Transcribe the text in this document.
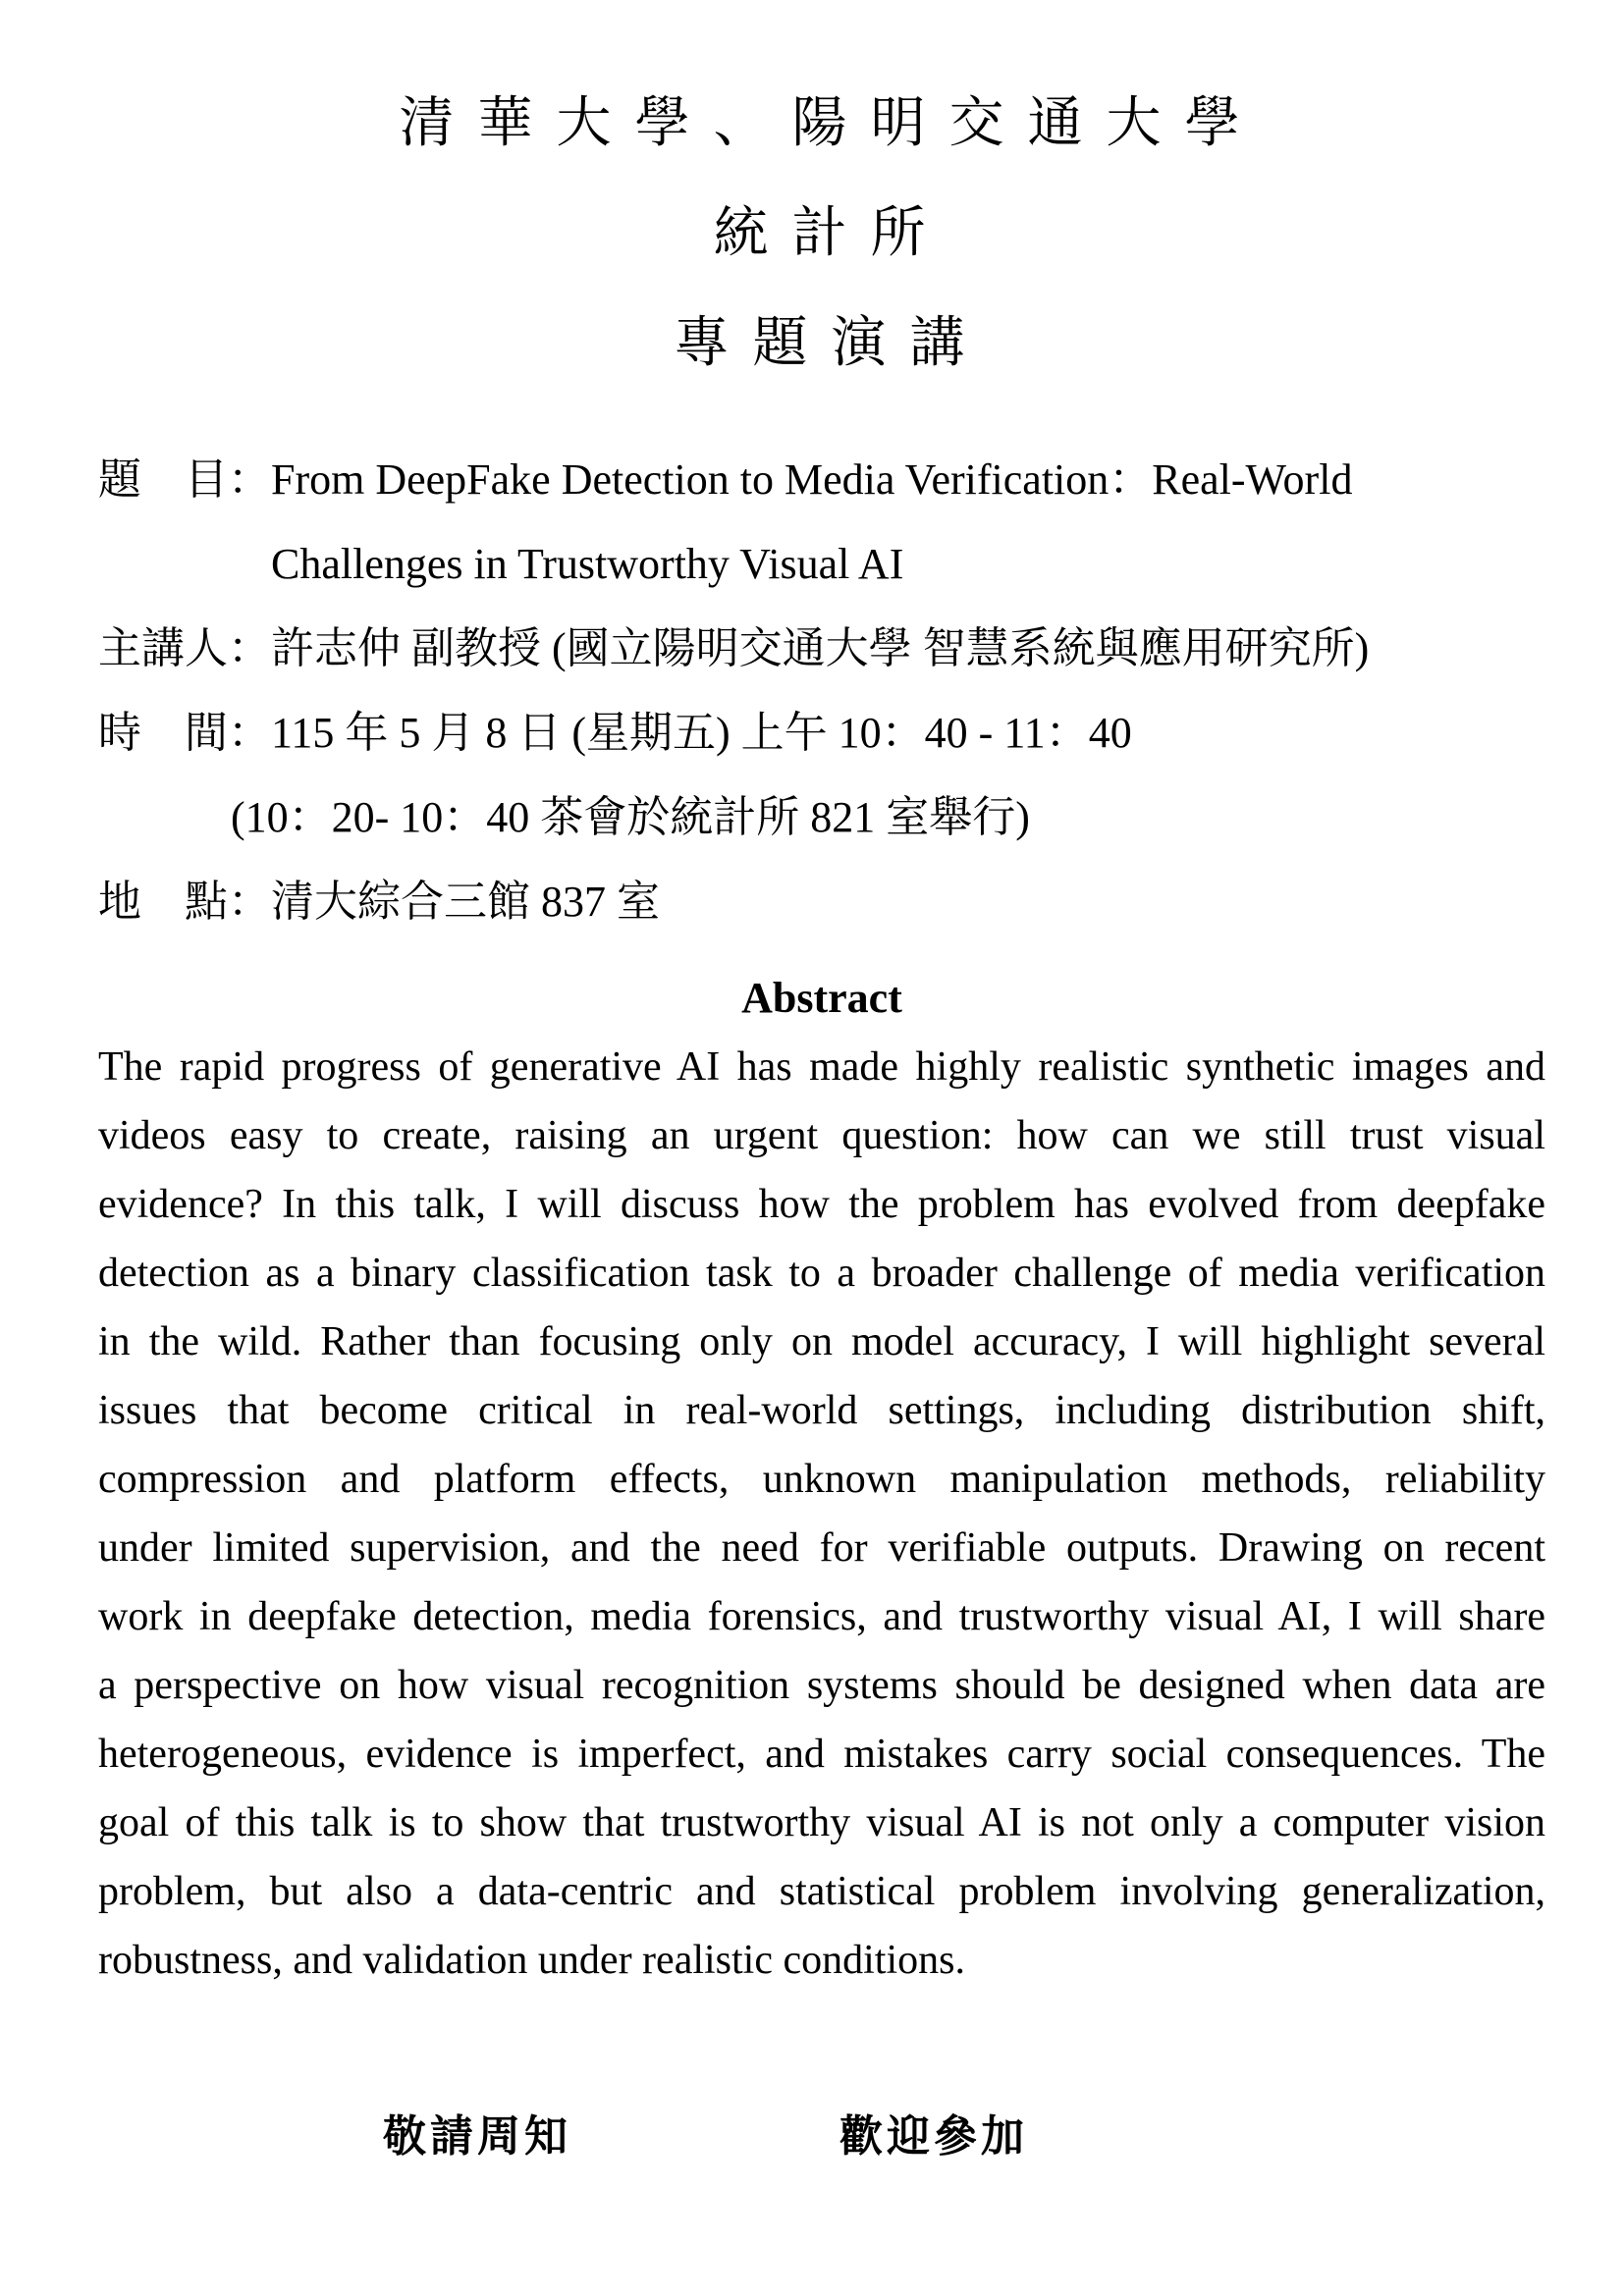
清 華 大 學 、 陽 明 交 通 大 學
統 計 所
專 題 演 講
題　目： From DeepFake Detection to Media Verification：Real-World
Challenges in Trustworthy Visual AI
主講人： 許志仲 副教授 (國立陽明交通大學 智慧系統與應用研究所)
時　間： 115 年 5 月 8 日 (星期五) 上午 10：40 - 11：40
(10：20- 10：40 茶會於統計所 821 室舉行)
地　點： 清大綜合三館 837 室
Abstract
The rapid progress of generative AI has made highly realistic synthetic images and
videos easy to create, raising an urgent question: how can we still trust visual
evidence? In this talk, I will discuss how the problem has evolved from deepfake
detection as a binary classification task to a broader challenge of media verification
in the wild. Rather than focusing only on model accuracy, I will highlight several
issues that become critical in real-world settings, including distribution shift,
compression and platform effects, unknown manipulation methods, reliability
under limited supervision, and the need for verifiable outputs. Drawing on recent
work in deepfake detection, media forensics, and trustworthy visual AI, I will share
a perspective on how visual recognition systems should be designed when data are
heterogeneous, evidence is imperfect, and mistakes carry social consequences. The
goal of this talk is to show that trustworthy visual AI is not only a computer vision
problem, but also a data-centric and statistical problem involving generalization,
robustness, and validation under realistic conditions.
敬請周知	歡迎參加
